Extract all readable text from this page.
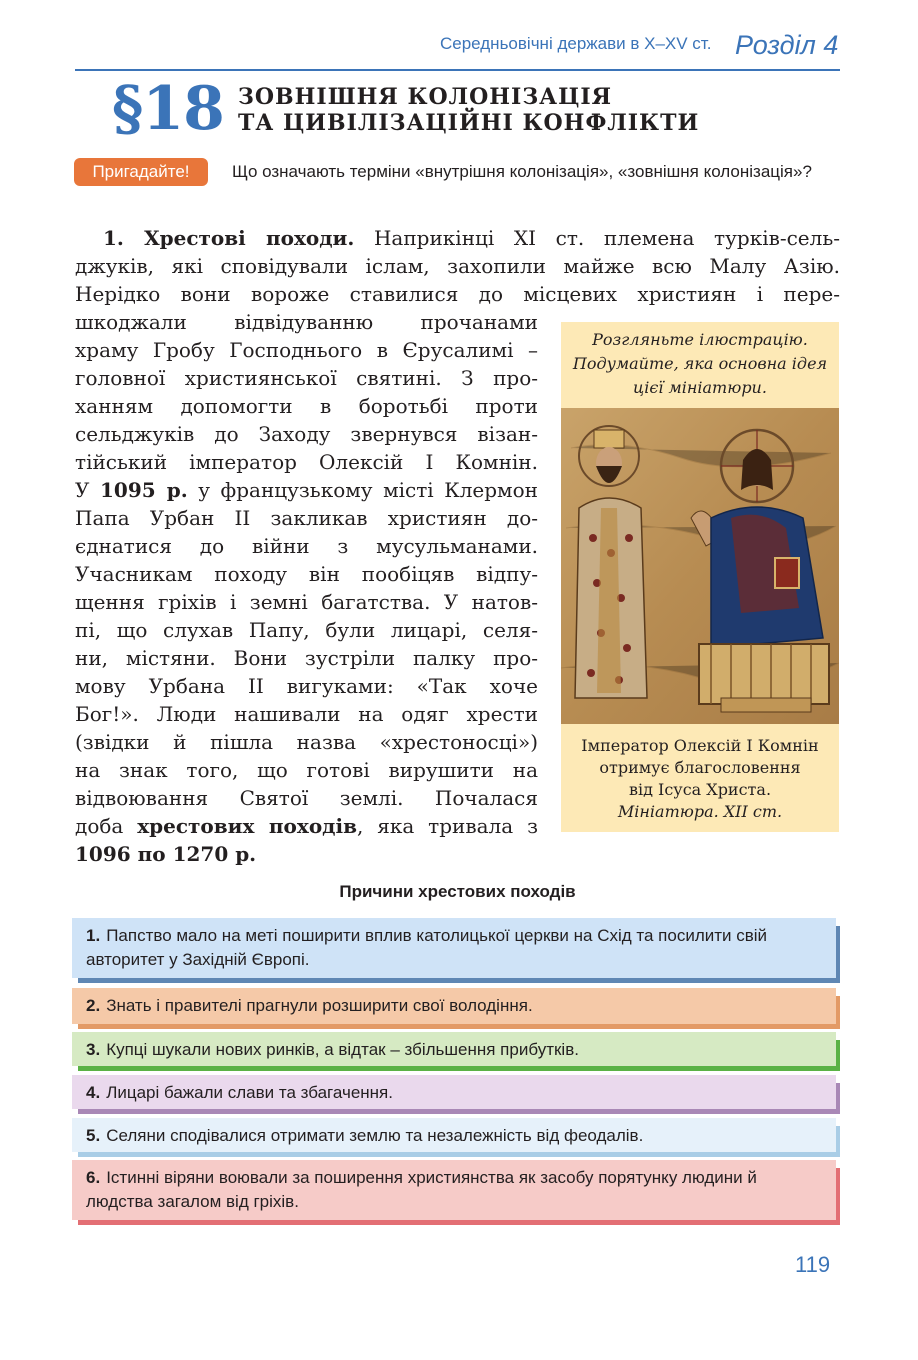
Середньовічні держави в X–XV ст. Розділ 4
§18 ЗОВНІШНЯ КОЛОНІЗАЦІЯ
ТА ЦИВІЛІЗАЦІЙНІ КОНФЛІКТИ
Пригадайте!	Що означають терміни «внутрішня колонізація», «зовнішня колонізація»?
1. Хрестові походи. Наприкінці XI ст. племена турків-сель-
джуків, які сповідували іслам, захопили майже всю Малу Азію.
Нерідко вони вороже ставилися до місцевих християн і пере-
шкоджали відвідуванню прочанами
храму Гробу Господнього в Єрусалимі –
головної християнської святині. З про-
ханням допомогти в боротьбі проти
сельджуків до Заходу звернувся візан-
тійський імператор Олексій I Комнін.
У 1095 р. у французькому місті Клермон
Папа Урбан II закликав християн до-
єднатися до війни з мусульманами.
Учасникам походу він пообіцяв відпу-
щення гріхів і земні багатства. У натов-
пі, що слухав Папу, були лицарі, селя-
ни, містяни. Вони зустріли палку про-
мову Урбана II вигуками: «Так хоче
Бог!». Люди нашивали на одяг хрести
(звідки й пішла назва «хрестоносці»)
на знак того, що готові вирушити на
відвоювання Святої землі. Почалася
доба хрестових походів, яка тривала з
1096 по 1270 р.
Розгляньте ілюстрацію. Подумайте, яка основна ідея цієї мініатюри.
Імператор Олексій I Комнін
отримує благословення
від Ісуса Христа.
Мініатюра. XII ст.
Причини хрестових походів
1. Папство мало на меті поширити вплив католицької церкви на Схід та посилити свій авторитет у Західній Європі.
2. Знать і правителі прагнули розширити свої володіння.
3. Купці шукали нових ринків, а відтак – збільшення прибутків.
4. Лицарі бажали слави та збагачення.
5. Селяни сподівалися отримати землю та незалежність від феодалів.
6. Істинні віряни воювали за поширення християнства як засобу порятунку людини й людства загалом від гріхів.
119
